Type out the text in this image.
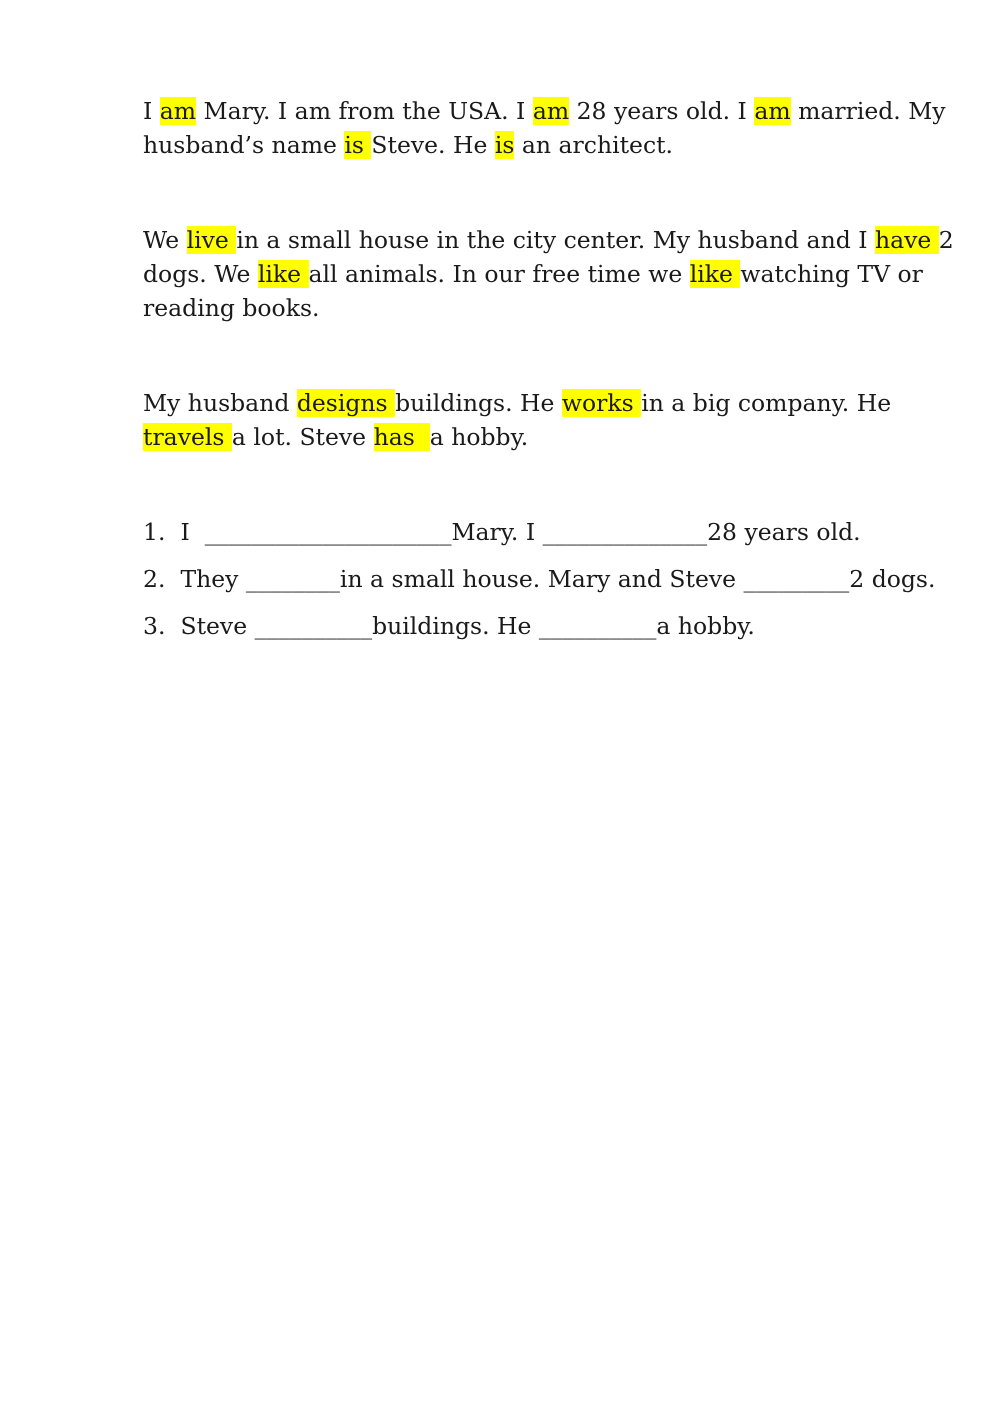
I am Mary. I am from the USA. I am 28 years old. I am married. My
husband’s name is Steve. He is an architect.

We live in a small house in the city center. My husband and I have 2
dogs. We like all animals. In our free time we like watching TV or
reading books.

My husband designs buildings. He works in a big company. He
travels a lot. Steve has  a hobby.

1. I  _____________________Mary. I ______________28 years old.
2. They ________in a small house. Mary and Steve _________2 dogs.
3. Steve __________buildings. He __________a hobby.
